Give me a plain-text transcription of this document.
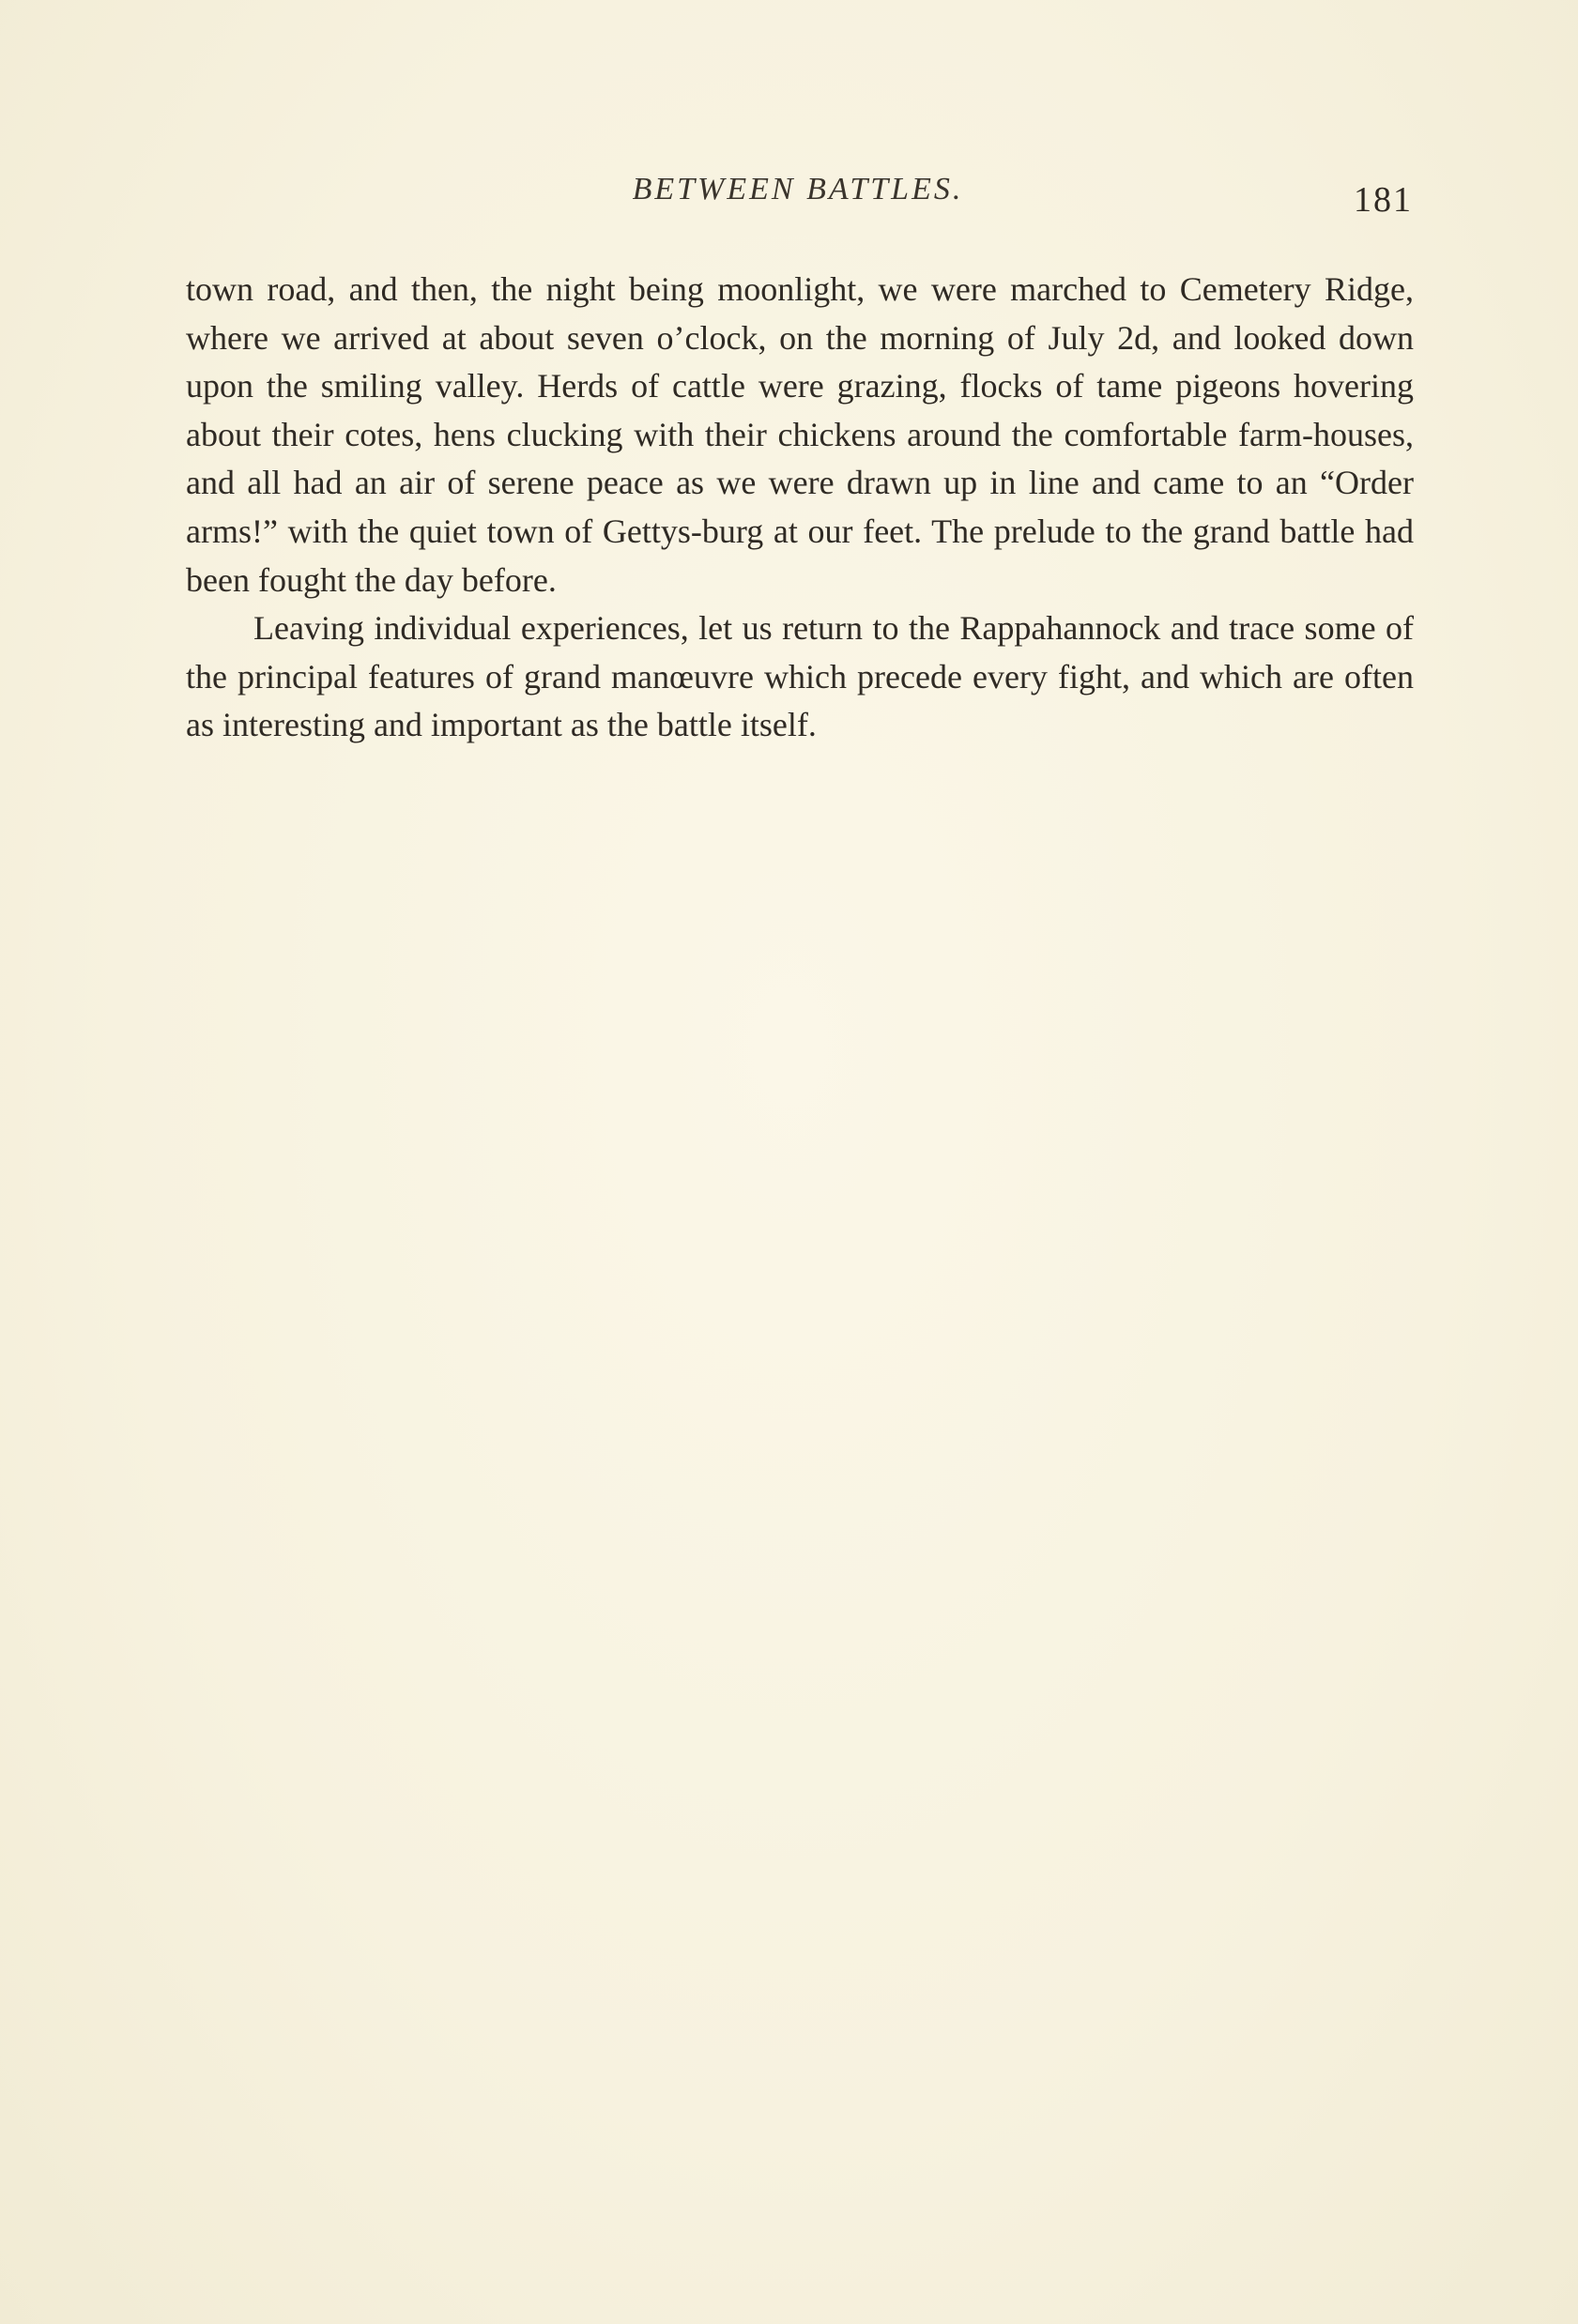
BETWEEN BATTLES.	181

town road, and then, the night being moonlight, we were marched to Cemetery Ridge, where we arrived at about seven o’clock, on the morning of July 2d, and looked down upon the smiling valley. Herds of cattle were grazing, flocks of tame pigeons hovering about their cotes, hens clucking with their chickens around the comfortable farm-houses, and all had an air of serene peace as we were drawn up in line and came to an “Order arms!” with the quiet town of Gettys-burg at our feet. The prelude to the grand battle had been fought the day before.

Leaving individual experiences, let us return to the Rappahannock and trace some of the principal features of grand manœuvre which precede every fight, and which are often as interesting and important as the battle itself.
